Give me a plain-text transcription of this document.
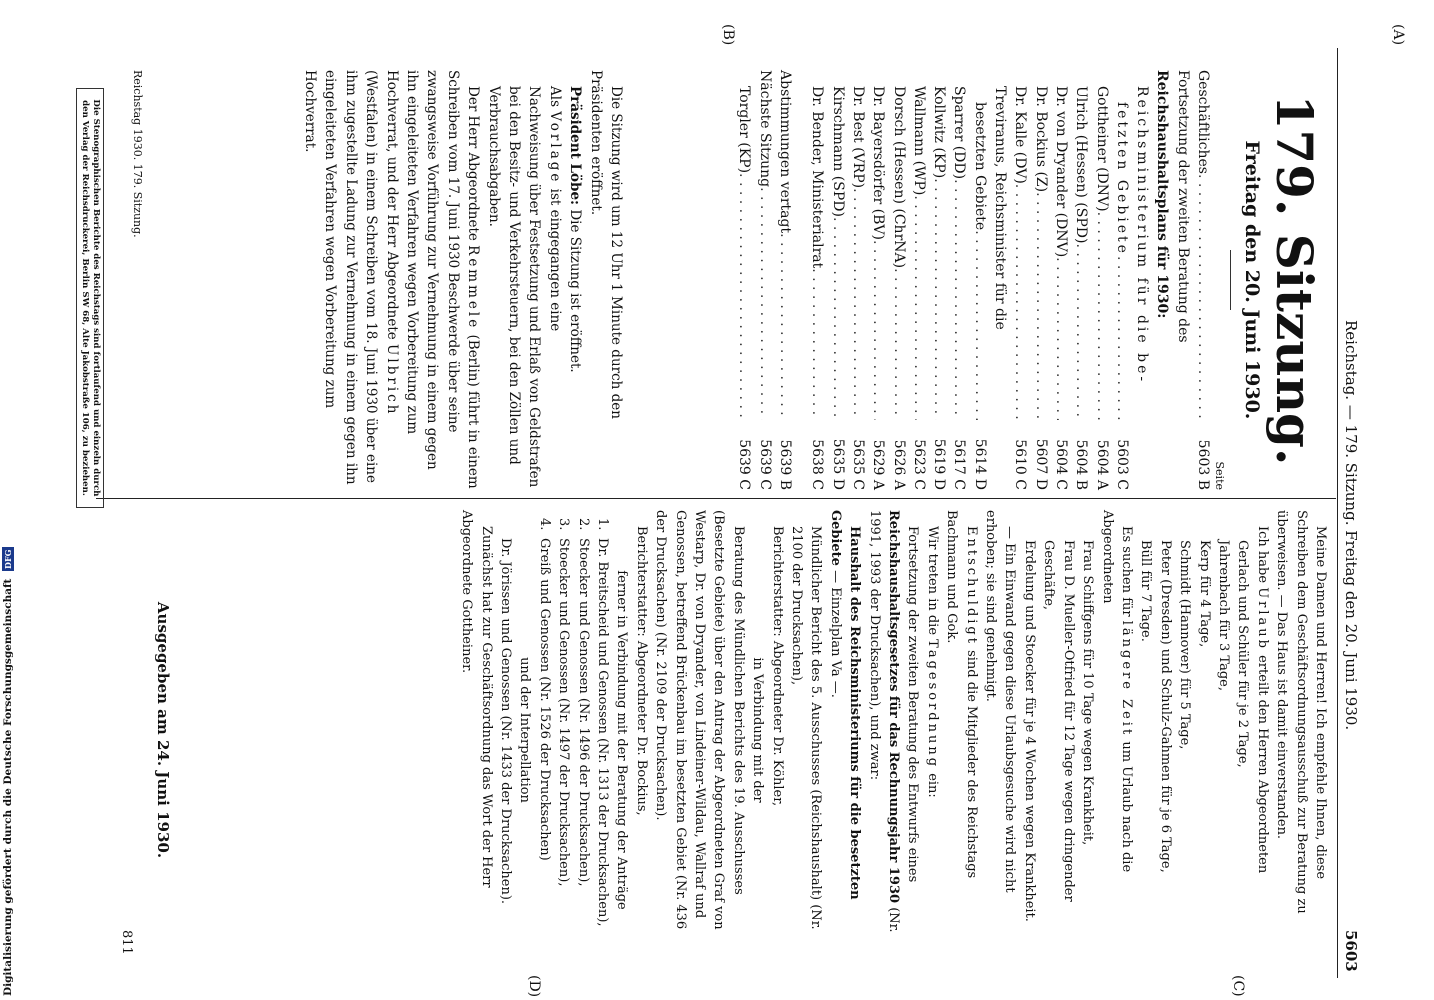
(A)
Reichstag. — 179. Sitzung. Freitag den 20. Juni 1930.
5603
179. Sitzung.
Freitag den 20. Juni 1930.
Seite
Geschäftliches
. . .
5603 B
Fortsetzung der zweiten Beratung des
Reichshaushaltsplans für 1930:
Reichsministerium für die be-
fetzten Gebiete
. . .
5603 C
Gottheiner (DNV)
. . .
5604 A
Ulrich (Hessen) (SPD)
. . .
5604 B
Dr. von Dryander (DNV)
. . .
5604 C
Dr. Bockius (Z)
. . .
5607 D
Dr. Kalle (DV)
. . .
5610 C
Treviranus, Reichsminister für die
besetzten Gebiete
. . .
5614 D
Sparrer (DD)
. . .
5617 C
Kollwitz (KP)
. . .
5619 D
Wallmann (WP)
. . .
5623 C
Dorsch (Hessen) (ChrNA)
. . .
5626 A
Dr. Bayersdörfer (BV)
. . .
5629 A
Dr. Best (VRP)
. . .
5635 C
Kirschmann (SPD)
. . .
5635 D
Dr. Bender, Ministerialrat
. . .
5638 C
Abstimmungen vertagt
. . .
5639 B
Nächste Sitzung
. . .
5639 C
Torgler (KP)
. . .
5639 C
(B)

Die Sitzung wird um 12 Uhr 1 Minute durch den Präsidenten eröffnet.

Präsident Löbe: Die Sitzung ist eröffnet.

Als Vorlage ist eingegangen eine

Nachweisung über Festsetzung und Erlaß von Geldstrafen bei den Besitz- und Verkehrsteuern, bei den Zöllen und Verbrauchsabgaben.

Der Herr Abgeordnete Remmele (Berlin) führt in einem Schreiben vom 17. Juni 1930 Beschwerde über seine zwangsweise Vorführung zur Vernehmung in einem gegen ihn eingeleiteten Verfahren wegen Vorbereitung zum Hochverrat, und der Herr Abgeordnete Ulbrich (Westfalen) in einem Schreiben vom 18. Juni 1930 über eine ihm zugestellte Ladung zur Vernehmung in einem gegen ihn eingeleiteten Verfahren wegen Vorbereitung zum Hochverrat.

Reichstag 1930. 179. Sitzung.
Die Stenographischen Berichte des Reichstags sind fortlaufend und einzeln durch den Verlag der Reichsdruckerei, Berlin SW 68, Alte Jakobstraße 106, zu beziehen.
(C)
(D)

Meine Damen und Herren! Ich empfehle Ihnen, diese Schreiben dem Geschäftsordnungsausschuß zur Beratung zu überweisen. — Das Haus ist damit einverstanden.

Ich habe Urlaub erteilt den Herren Abgeordneten

Gerlach und Schüler für je 2 Tage,

Jahrenbach für 3 Tage,

Kerp für 4 Tage,

Schmidt (Hannover) für 5 Tage,

Peter (Dresden) und Schulz-Gahmen für je 6 Tage,

Büll für 7 Tage.

Es suchen für längere Zeit um Urlaub nach die Abgeordneten

Frau Schiffgens für 10 Tage wegen Krankheit,

Frau D. Mueller-Otfried für 12 Tage wegen dringender Geschäfte,

Erdelung und Stoecker für je 4 Wochen wegen Krankheit.

— Ein Einwand gegen diese Urlaubsgesuche wird nicht erhoben; sie sind genehmigt.

Entschuldigt sind die Mitglieder des Reichstags Bachmann und Gok.

Wir treten in die Tagesordnung ein:

Fortsetzung der zweiten Beratung des Entwurfs eines Reichshaushaltsgesetzes für das Rechnungsjahr 1930 (Nr. 1991, 1993 der Drucksachen), und zwar:

Haushalt des Reichsministeriums für die besetzten Gebiete — Einzelplan Va —.

Mündlicher Bericht des 5. Ausschusses (Reichshaushalt) (Nr. 2100 der Drucksachen),

Berichterstatter: Abgeordneter Dr. Köhler,

in Verbindung mit der

Beratung des Mündlichen Berichts des 19. Ausschusses (Besetzte Gebiete) über den Antrag der Abgeordneten Graf von Westarp, Dr. von Dryander, von Lindeiner-Wildau, Wallraf und Genossen, betreffend Brückenbau im besetzten Gebiet (Nr. 436 der Drucksachen) (Nr. 2109 der Drucksachen).

Berichterstatter: Abgeordneter Dr. Bockius,

ferner in Verbindung mit der Beratung der Anträge

1.
Dr. Breitscheid und Genossen (Nr. 1313 der Drucksachen),
2.
Stoecker und Genossen (Nr. 1496 der Drucksachen),
3.
Stoecker und Genossen (Nr. 1497 der Drucksachen),
4.
Greiß und Genossen (Nr. 1526 der Drucksachen)

und der Interpellation

Dr. Jörissen und Genossen (Nr. 1433 der Drucksachen).

Zunächst hat zur Geschäftsordnung das Wort der Herr Abgeordnete Gottheiner.

Ausgegeben am 24. Juni 1930.
811
Digitalisierung gefördert durch die Deutsche Forschungsgemeinschaft DFG
